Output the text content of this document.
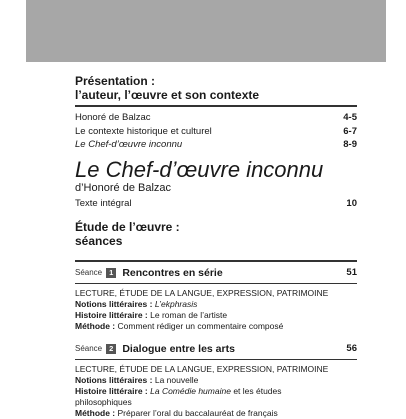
Présentation :
l’auteur, l’œuvre et son contexte
Honoré de Balzac	4-5
Le contexte historique et culturel	6-7
Le Chef-d’œuvre inconnu	8-9
Le Chef-d’œuvre inconnu
d’Honoré de Balzac
Texte intégral	10
Étude de l’œuvre :
séances
Séance 1 Rencontres en série	51
LECTURE, ÉTUDE DE LA LANGUE, EXPRESSION, PATRIMOINE
Notions littéraires : L’ekphrasis
Histoire littéraire : Le roman de l’artiste
Méthode : Comment rédiger un commentaire composé
Séance 2 Dialogue entre les arts	56
LECTURE, ÉTUDE DE LA LANGUE, EXPRESSION, PATRIMOINE
Notions littéraires : La nouvelle
Histoire littéraire : La Comédie humaine et les études
philosophiques
Méthode : Préparer l’oral du baccalauréat de français
